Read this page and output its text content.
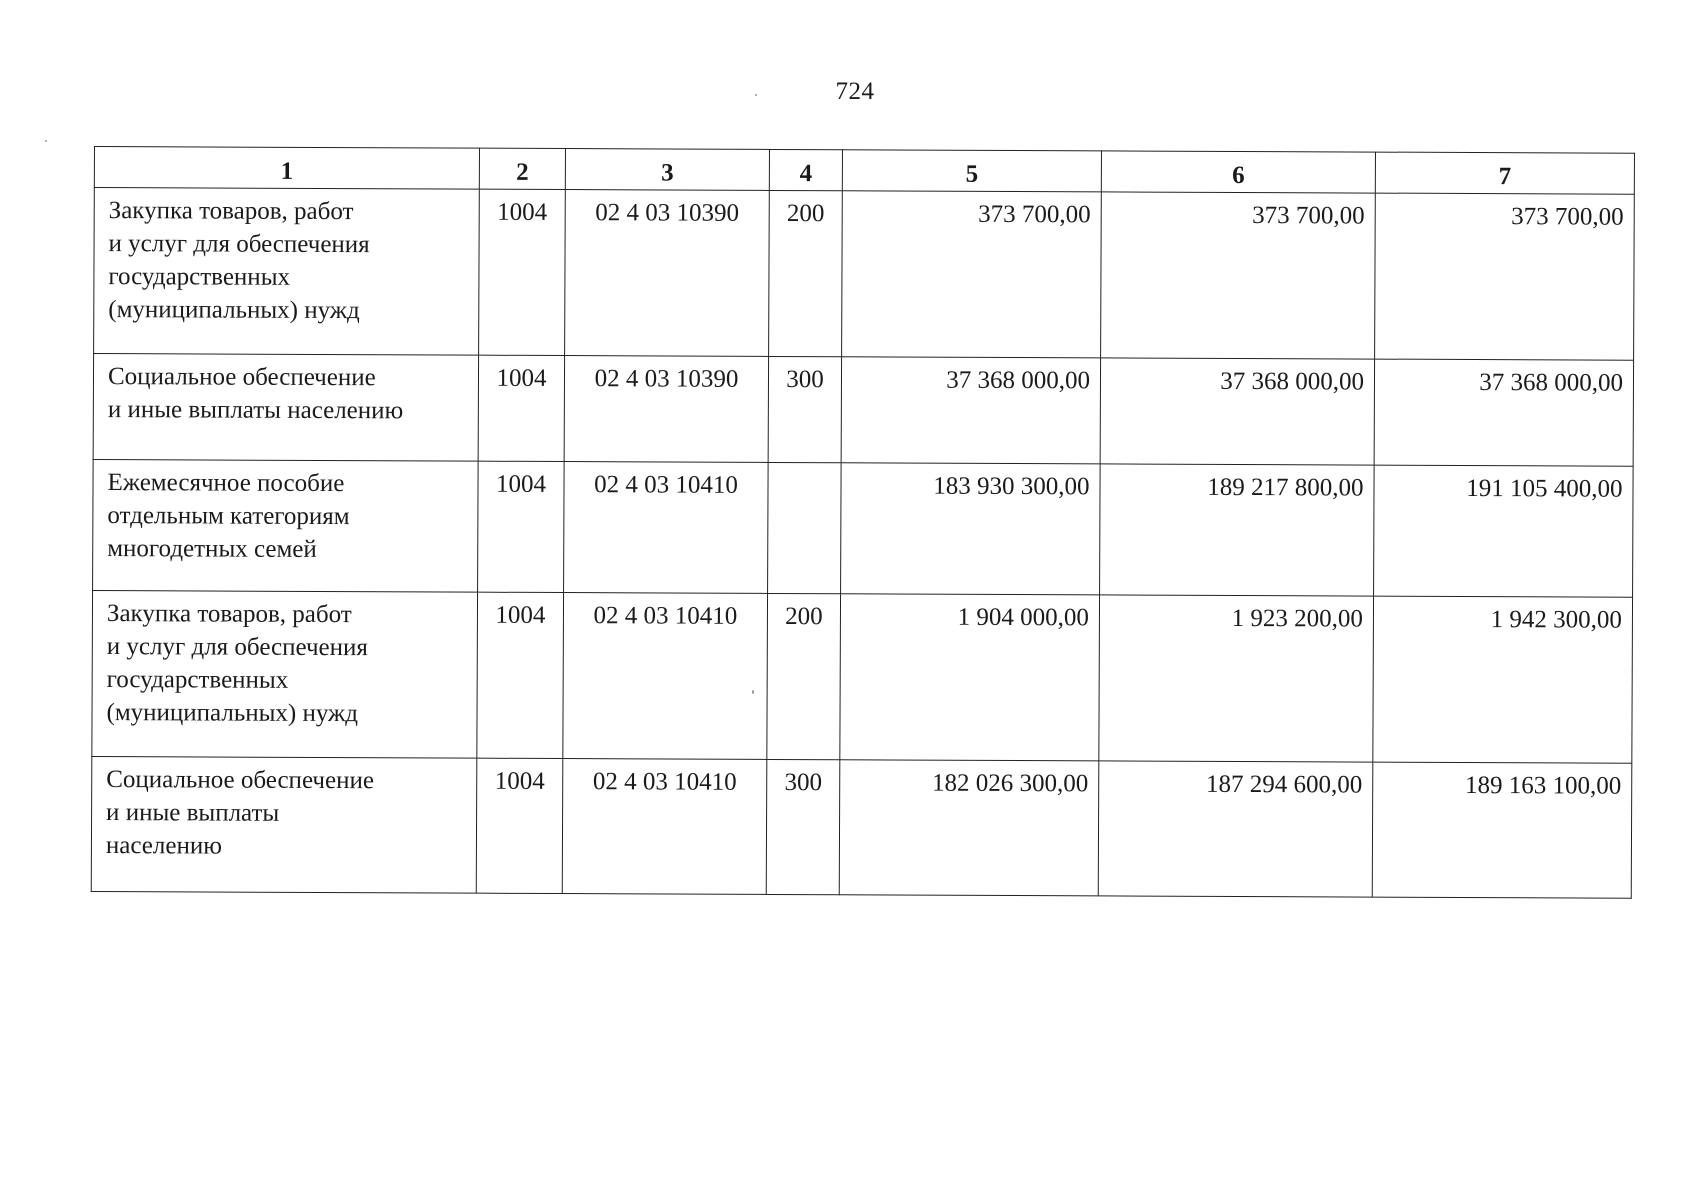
724
1	2	3	4	5	6	7
Закупка товаров, работ
и услуг для обеспечения
государственных
(муниципальных) нужд	1004	02 4 03 10390	200	373 700,00	373 700,00	373 700,00
Социальное обеспечение
и иные выплаты населению	1004	02 4 03 10390	300	37 368 000,00	37 368 000,00	37 368 000,00
Ежемесячное пособие
отдельным категориям
многодетных семей	1004	02 4 03 10410		183 930 300,00	189 217 800,00	191 105 400,00
Закупка товаров, работ
и услуг для обеспечения
государственных
(муниципальных) нужд	1004	02 4 03 10410	200	1 904 000,00	1 923 200,00	1 942 300,00
Социальное обеспечение
и иные выплаты
населению	1004	02 4 03 10410	300	182 026 300,00	187 294 600,00	189 163 100,00
